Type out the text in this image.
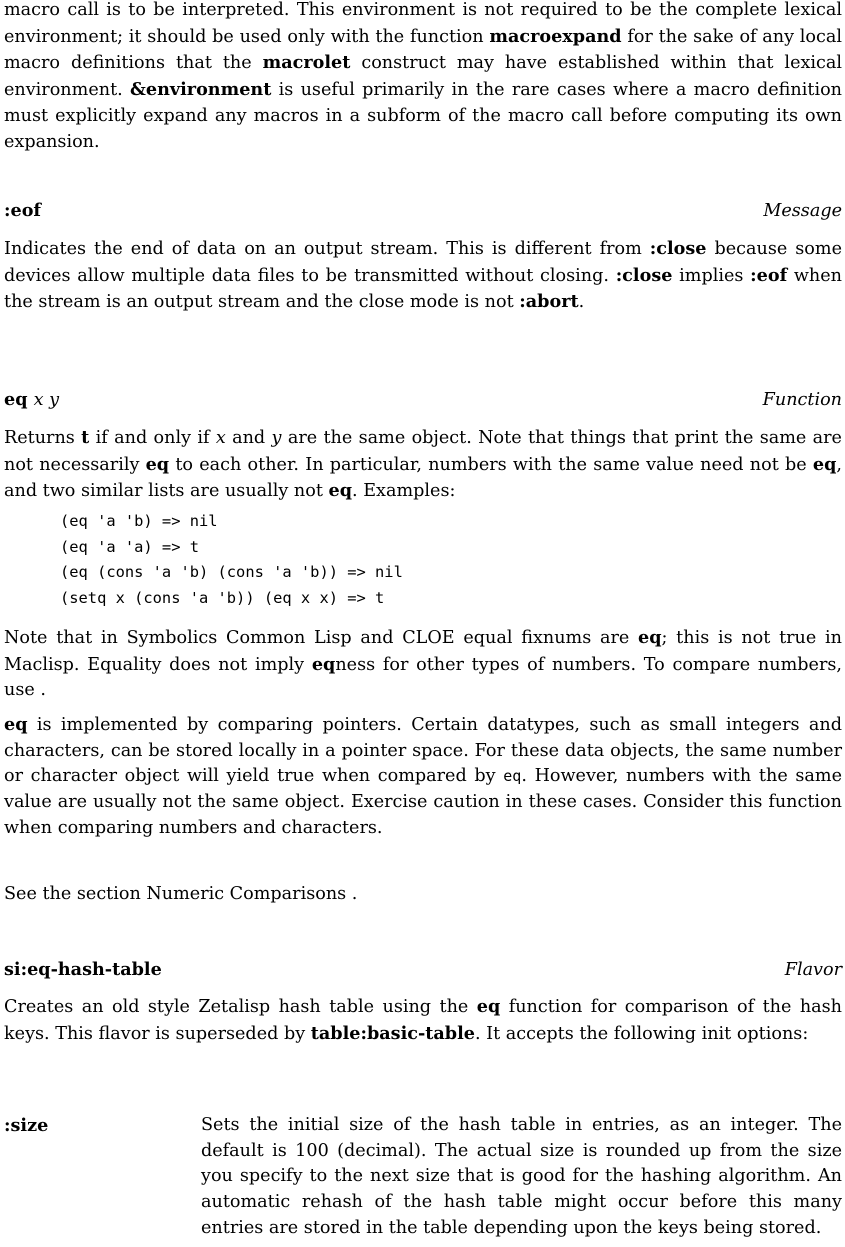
macro call is to be interpreted. This environment is not required to be the complete lexical environment; it should be used only with the function macroexpand for the sake of any local macro definitions that the macrolet construct may have established within that lexical environment. &environment is useful primarily in the rare cases where a macro definition must explicitly expand any macros in a subform of the macro call before computing its own expansion.

:eof	Message

Indicates the end of data on an output stream. This is different from :close because some devices allow multiple data files to be transmitted without closing. :close implies :eof when the stream is an output stream and the close mode is not :abort.

eq x y	Function

Returns t if and only if x and y are the same object. Note that things that print the same are not necessarily eq to each other. In particular, numbers with the same value need not be eq, and two similar lists are usually not eq. Examples:

(eq 'a 'b) => nil
(eq 'a 'a) => t
(eq (cons 'a 'b) (cons 'a 'b)) => nil
(setq x (cons 'a 'b)) (eq x x) => t

Note that in Symbolics Common Lisp and CLOE equal fixnums are eq; this is not true in Maclisp. Equality does not imply eqness for other types of numbers. To compare numbers, use .

eq is implemented by comparing pointers. Certain datatypes, such as small integers and characters, can be stored locally in a pointer space. For these data objects, the same number or character object will yield true when compared by eq. However, numbers with the same value are usually not the same object. Exercise caution in these cases. Consider this function when comparing numbers and characters.

See the section Numeric Comparisons .

si:eq-hash-table	Flavor

Creates an old style Zetalisp hash table using the eq function for comparison of the hash keys. This flavor is superseded by table:basic-table. It accepts the following init options:

:size	Sets the initial size of the hash table in entries, as an integer. The default is 100 (decimal). The actual size is rounded up from the size you specify to the next size that is good for the hashing algorithm. An automatic rehash of the hash table might occur before this many entries are stored in the table depending upon the keys being stored.
